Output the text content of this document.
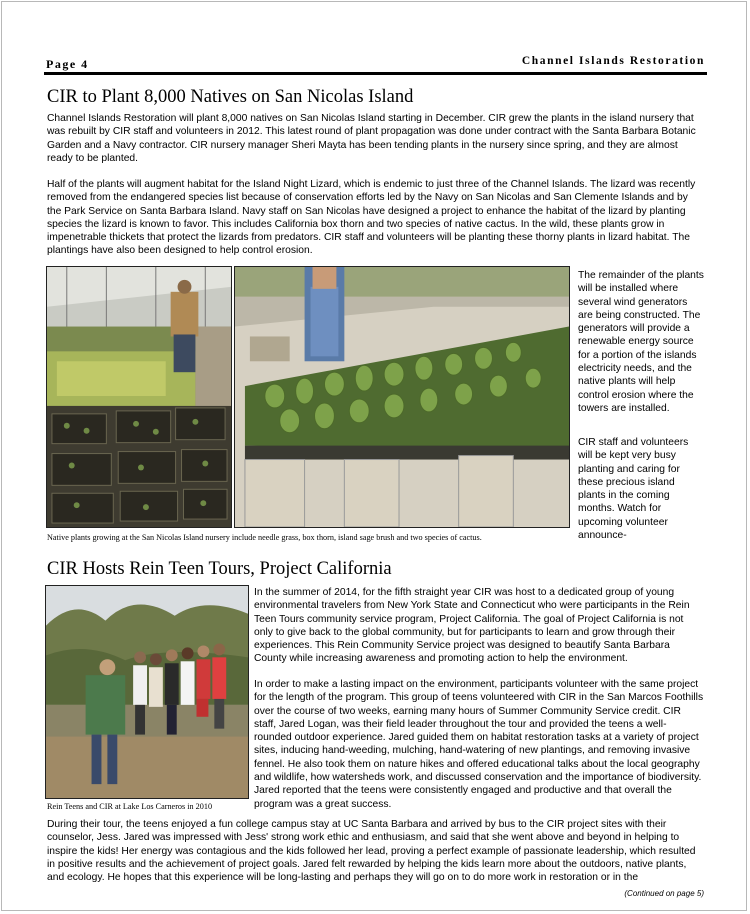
Page 4	Channel Islands Restoration
CIR to Plant 8,000 Natives on San Nicolas Island

Channel Islands Restoration will plant 8,000 natives on San Nicolas Island starting in December. CIR grew the plants in the island nursery that was rebuilt by CIR staff and volunteers in 2012. This latest round of plant propagation was done under contract with the Santa Barbara Botanic Garden and a Navy contractor. CIR nursery manager Sheri Mayta has been tending plants in the nursery since spring, and they are almost ready to be planted.

Half of the plants will augment habitat for the Island Night Lizard, which is endemic to just three of the Channel Islands. The lizard was recently removed from the endangered species list because of conservation efforts led by the Navy on San Nicolas and San Clemente Islands and by the Park Service on Santa Barbara Island. Navy staff on San Nicolas have designed a project to enhance the habitat of the lizard by planting species the lizard is known to favor. This includes California box thorn and two species of native cactus. In the wild, these plants grow in impenetrable thickets that protect the lizards from predators. CIR staff and volunteers will be planting these thorny plants in lizard habitat. The plantings have also been designed to help control erosion.

The remainder of the plants will be installed where several wind generators are being constructed. The generators will provide a renewable energy source for a portion of the islands electricity needs, and the native plants will help control erosion where the towers are installed.

CIR staff and volunteers will be kept very busy planting and caring for these precious island plants in the coming months. Watch for upcoming volunteer announce-

Native plants growing at the San Nicolas Island nursery include needle grass, box thorn, island sage brush and two species of cactus.

CIR Hosts Rein Teen Tours, Project California

In the summer of 2014, for the fifth straight year CIR was host to a dedicated group of young environmental travelers from New York State and Connecticut who were participants in the Rein Teen Tours community service program, Project California. The goal of Project California is not only to give back to the global community, but for participants to learn and grow through their experiences. This Rein Community Service project was designed to beautify Santa Barbara County while increasing awareness and promoting action to help the environment.

In order to make a lasting impact on the environment, participants volunteer with the same project for the length of the program. This group of teens volunteered with CIR in the San Marcos Foothills over the course of two weeks, earning many hours of Summer Community Service credit. CIR staff, Jared Logan, was their field leader throughout the tour and provided the teens a well-rounded outdoor experience. Jared guided them on habitat restoration tasks at a variety of project sites, inducing hand-weeding, mulching, hand-watering of new plantings, and removing invasive fennel. He also took them on nature hikes and offered educational talks about the local geography and wildlife, how watersheds work, and discussed conservation and the importance of biodiversity. Jared reported that the teens were consistently engaged and productive and that overall the program was a great success.

Rein Teens and CIR at Lake Los Carneros in 2010

During their tour, the teens enjoyed a fun college campus stay at UC Santa Barbara and arrived by bus to the CIR project sites with their counselor, Jess. Jared was impressed with Jess' strong work ethic and enthusiasm, and said that she went above and beyond in helping to inspire the kids! Her energy was contagious and the kids followed her lead, proving a perfect example of passionate leadership, which resulted in positive results and the achievement of project goals. Jared felt rewarded by helping the kids learn more about the outdoors, native plants, and ecology. He hopes that this experience will be long-lasting and perhaps they will go on to do more work in restoration or in the

(Continued on page 5)
